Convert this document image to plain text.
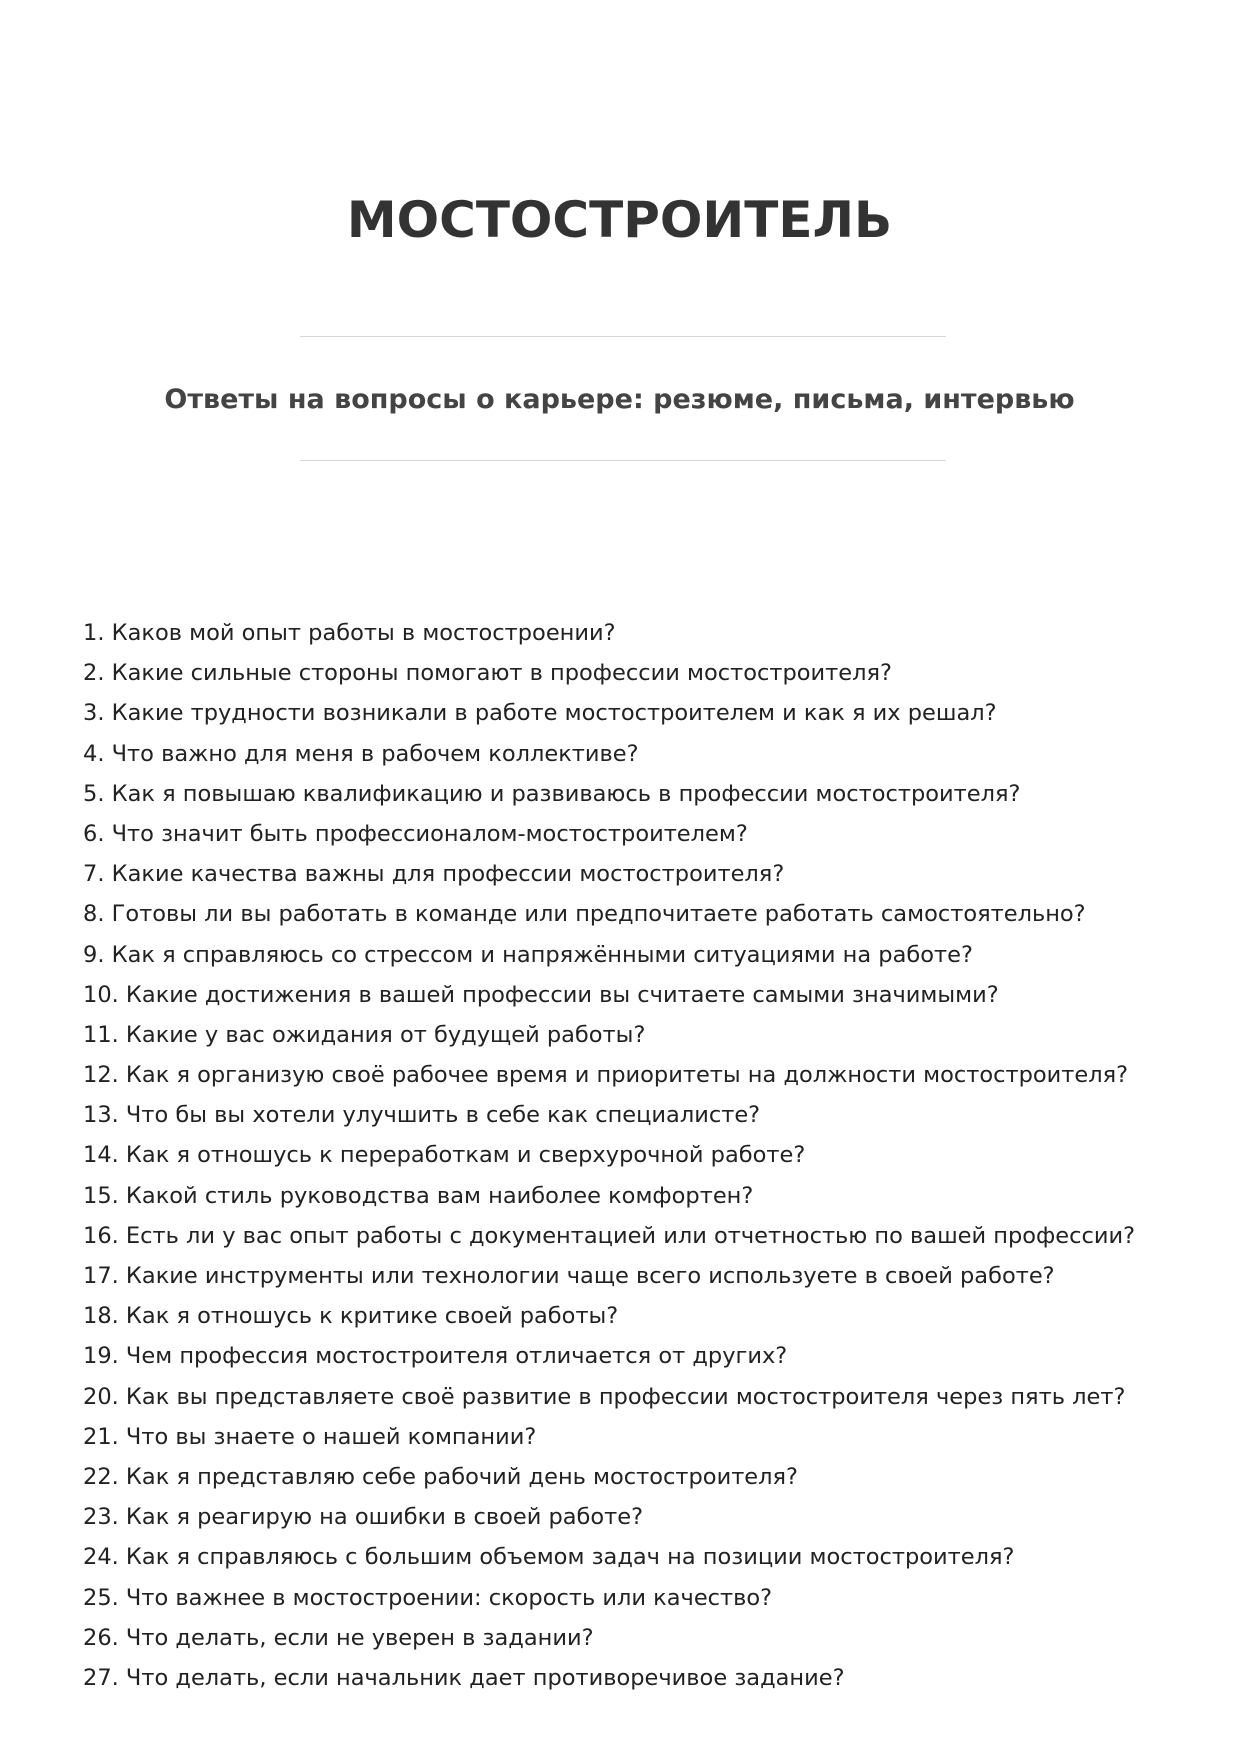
МОСТОСТРОИТЕЛЬ
Ответы на вопросы о карьере: резюме, письма, интервью
1. Каков мой опыт работы в мостостроении?
2. Какие сильные стороны помогают в профессии мостостроителя?
3. Какие трудности возникали в работе мостостроителем и как я их решал?
4. Что важно для меня в рабочем коллективе?
5. Как я повышаю квалификацию и развиваюсь в профессии мостостроителя?
6. Что значит быть профессионалом-мостостроителем?
7. Какие качества важны для профессии мостостроителя?
8. Готовы ли вы работать в команде или предпочитаете работать самостоятельно?
9. Как я справляюсь со стрессом и напряжёнными ситуациями на работе?
10. Какие достижения в вашей профессии вы считаете самыми значимыми?
11. Какие у вас ожидания от будущей работы?
12. Как я организую своё рабочее время и приоритеты на должности мостостроителя?
13. Что бы вы хотели улучшить в себе как специалисте?
14. Как я отношусь к переработкам и сверхурочной работе?
15. Какой стиль руководства вам наиболее комфортен?
16. Есть ли у вас опыт работы с документацией или отчетностью по вашей профессии?
17. Какие инструменты или технологии чаще всего используете в своей работе?
18. Как я отношусь к критике своей работы?
19. Чем профессия мостостроителя отличается от других?
20. Как вы представляете своё развитие в профессии мостостроителя через пять лет?
21. Что вы знаете о нашей компании?
22. Как я представляю себе рабочий день мостостроителя?
23. Как я реагирую на ошибки в своей работе?
24. Как я справляюсь с большим объемом задач на позиции мостостроителя?
25. Что важнее в мостостроении: скорость или качество?
26. Что делать, если не уверен в задании?
27. Что делать, если начальник дает противоречивое задание?
